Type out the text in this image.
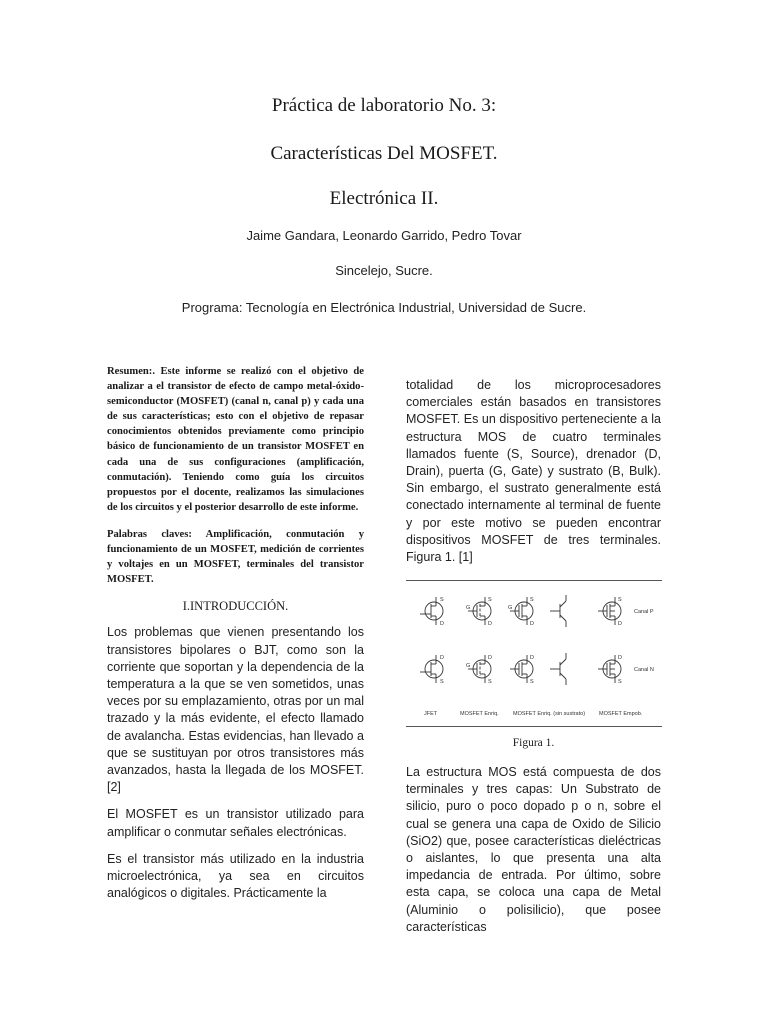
Práctica de laboratorio No. 3:
Características Del MOSFET.
Electrónica II.
Jaime Gandara, Leonardo Garrido, Pedro Tovar
Sincelejo, Sucre.
Programa: Tecnología en Electrónica Industrial, Universidad de Sucre.

Resumen:. Este informe se realizó con el objetivo de analizar a el transistor de efecto de campo metal-óxido-semiconductor (MOSFET) (canal n, canal p) y cada una de sus características; esto con el objetivo de repasar conocimientos obtenidos previamente como principio básico de funcionamiento de un transistor MOSFET en cada una de sus configuraciones (amplificación, conmutación). Teniendo como guía los circuitos propuestos por el docente, realizamos las simulaciones de los circuitos y el posterior desarrollo de este informe.

Palabras claves: Amplificación, conmutación y funcionamiento de un MOSFET, medición de corrientes y voltajes en un MOSFET, terminales del transistor MOSFET.

I.INTRODUCCIÓN.

Los problemas que vienen presentando los transistores bipolares o BJT, como son la corriente que soportan y la dependencia de la temperatura a la que se ven sometidos, unas veces por su emplazamiento, otras por un mal trazado y la más evidente, el efecto llamado de avalancha. Estas evidencias, han llevado a que se sustituyan por otros transistores más avanzados, hasta la llegada de los MOSFET. [2]

El MOSFET es un transistor utilizado para amplificar o conmutar señales electrónicas.

Es el transistor más utilizado en la industria microelectrónica, ya sea en circuitos analógicos o digitales. Prácticamente la

totalidad de los microprocesadores comerciales están basados en transistores MOSFET. Es un dispositivo perteneciente a la estructura MOS de cuatro terminales llamados fuente (S, Source), drenador (D, Drain), puerta (G, Gate) y sustrato (B, Bulk). Sin embargo, el sustrato generalmente está conectado internamente al terminal de fuente y por este motivo se pueden encontrar dispositivos MOSFET de tres terminales. Figura 1. [1]

S
D
G
S
D
G
S
D
S
D
D
S
D
S
G
D
S
D
S
Canal P
Canal N
JFET	MOSFET Enriq.	MOSFET Enriq. (sin sustrato)	MOSFET Empob.

Figura 1.

La estructura MOS está compuesta de dos terminales y tres capas: Un Substrato de silicio, puro o poco dopado p o n, sobre el cual se genera una capa de Oxido de Silicio (SiO2) que, posee características dieléctricas o aislantes, lo que presenta una alta impedancia de entrada. Por último, sobre esta capa, se coloca una capa de Metal (Aluminio o polisilicio), que posee características
